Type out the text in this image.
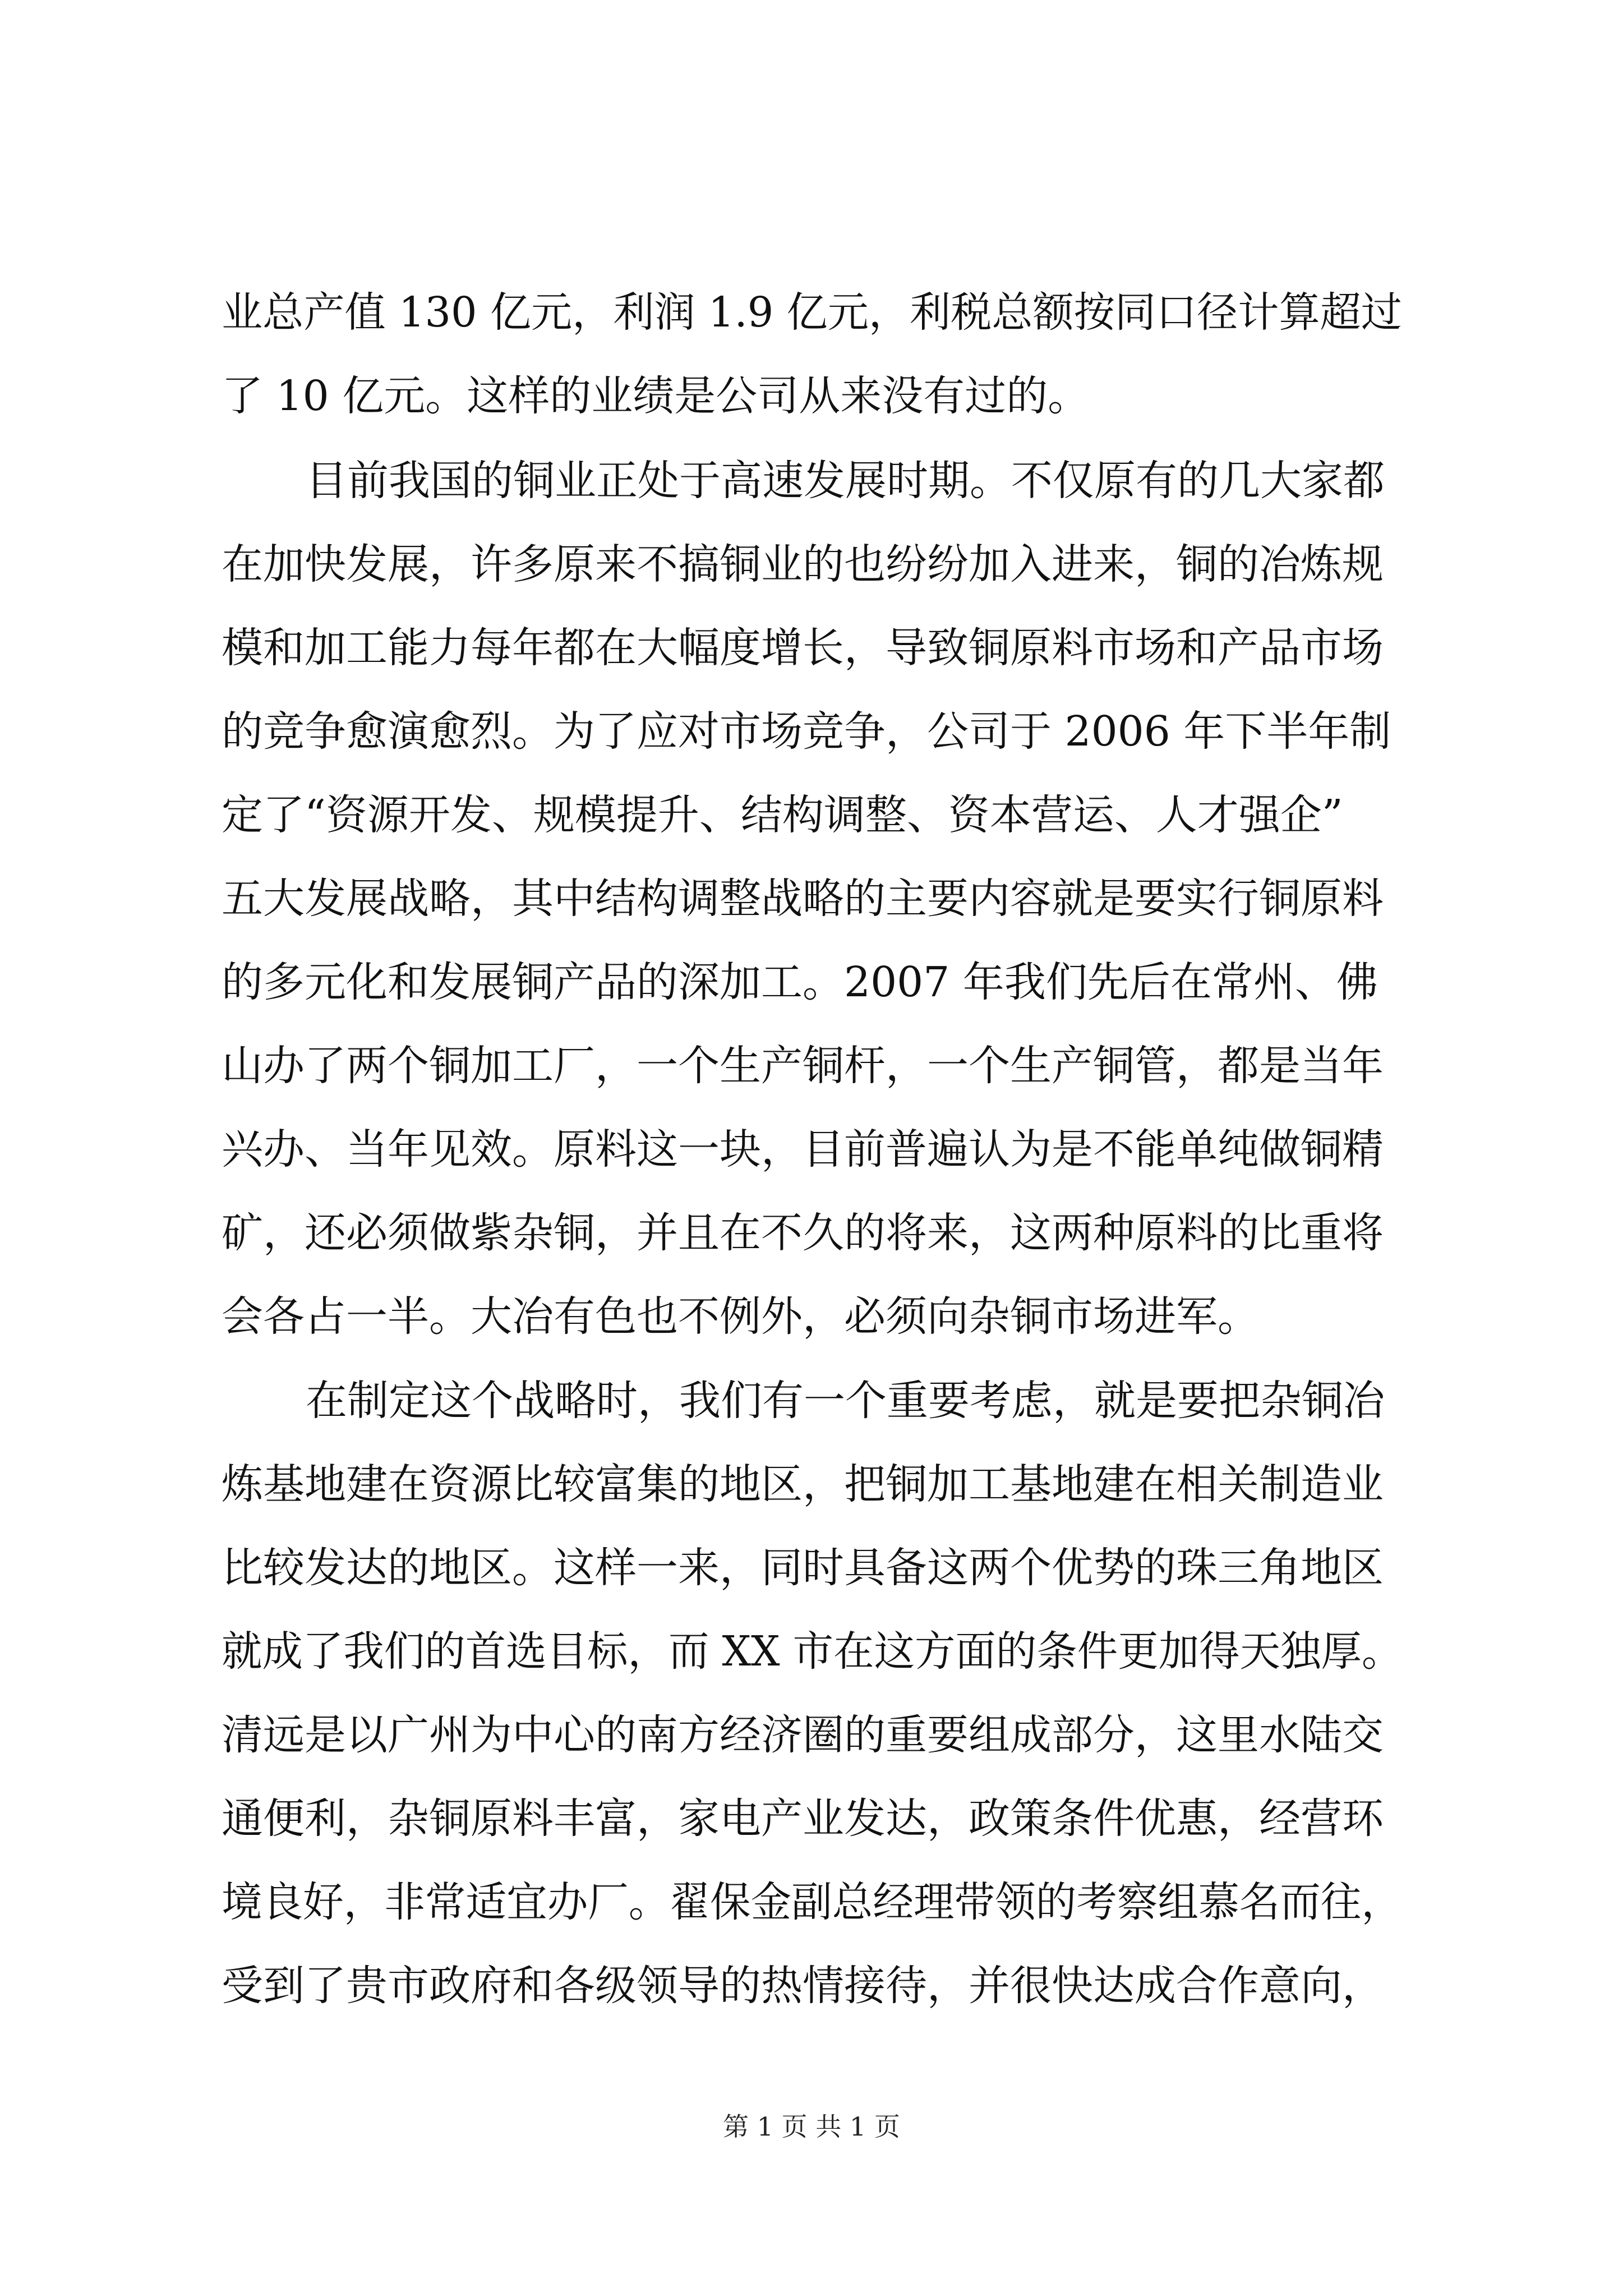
业总产值 130 亿元，利润 1.9 亿元，利税总额按同口径计算超过
了 10 亿元。这样的业绩是公司从来没有过的。
目前我国的铜业正处于高速发展时期。不仅原有的几大家都
在加快发展，许多原来不搞铜业的也纷纷加入进来，铜的冶炼规
模和加工能力每年都在大幅度增长，导致铜原料市场和产品市场
的竞争愈演愈烈。为了应对市场竞争，公司于 2006 年下半年制
定了“资源开发、规模提升、结构调整、资本营运、人才强企”
五大发展战略，其中结构调整战略的主要内容就是要实行铜原料
的多元化和发展铜产品的深加工。2007 年我们先后在常州、佛
山办了两个铜加工厂，一个生产铜杆，一个生产铜管，都是当年
兴办、当年见效。原料这一块，目前普遍认为是不能单纯做铜精
矿，还必须做紫杂铜，并且在不久的将来，这两种原料的比重将
会各占一半。大冶有色也不例外，必须向杂铜市场进军。
在制定这个战略时，我们有一个重要考虑，就是要把杂铜冶
炼基地建在资源比较富集的地区，把铜加工基地建在相关制造业
比较发达的地区。这样一来，同时具备这两个优势的珠三角地区
就成了我们的首选目标，而 XX 市在这方面的条件更加得天独厚。
清远是以广州为中心的南方经济圈的重要组成部分，这里水陆交
通便利，杂铜原料丰富，家电产业发达，政策条件优惠，经营环
境良好，非常适宜办厂。翟保金副总经理带领的考察组慕名而往，
受到了贵市政府和各级领导的热情接待，并很快达成合作意向，
第 1 页 共 1 页
